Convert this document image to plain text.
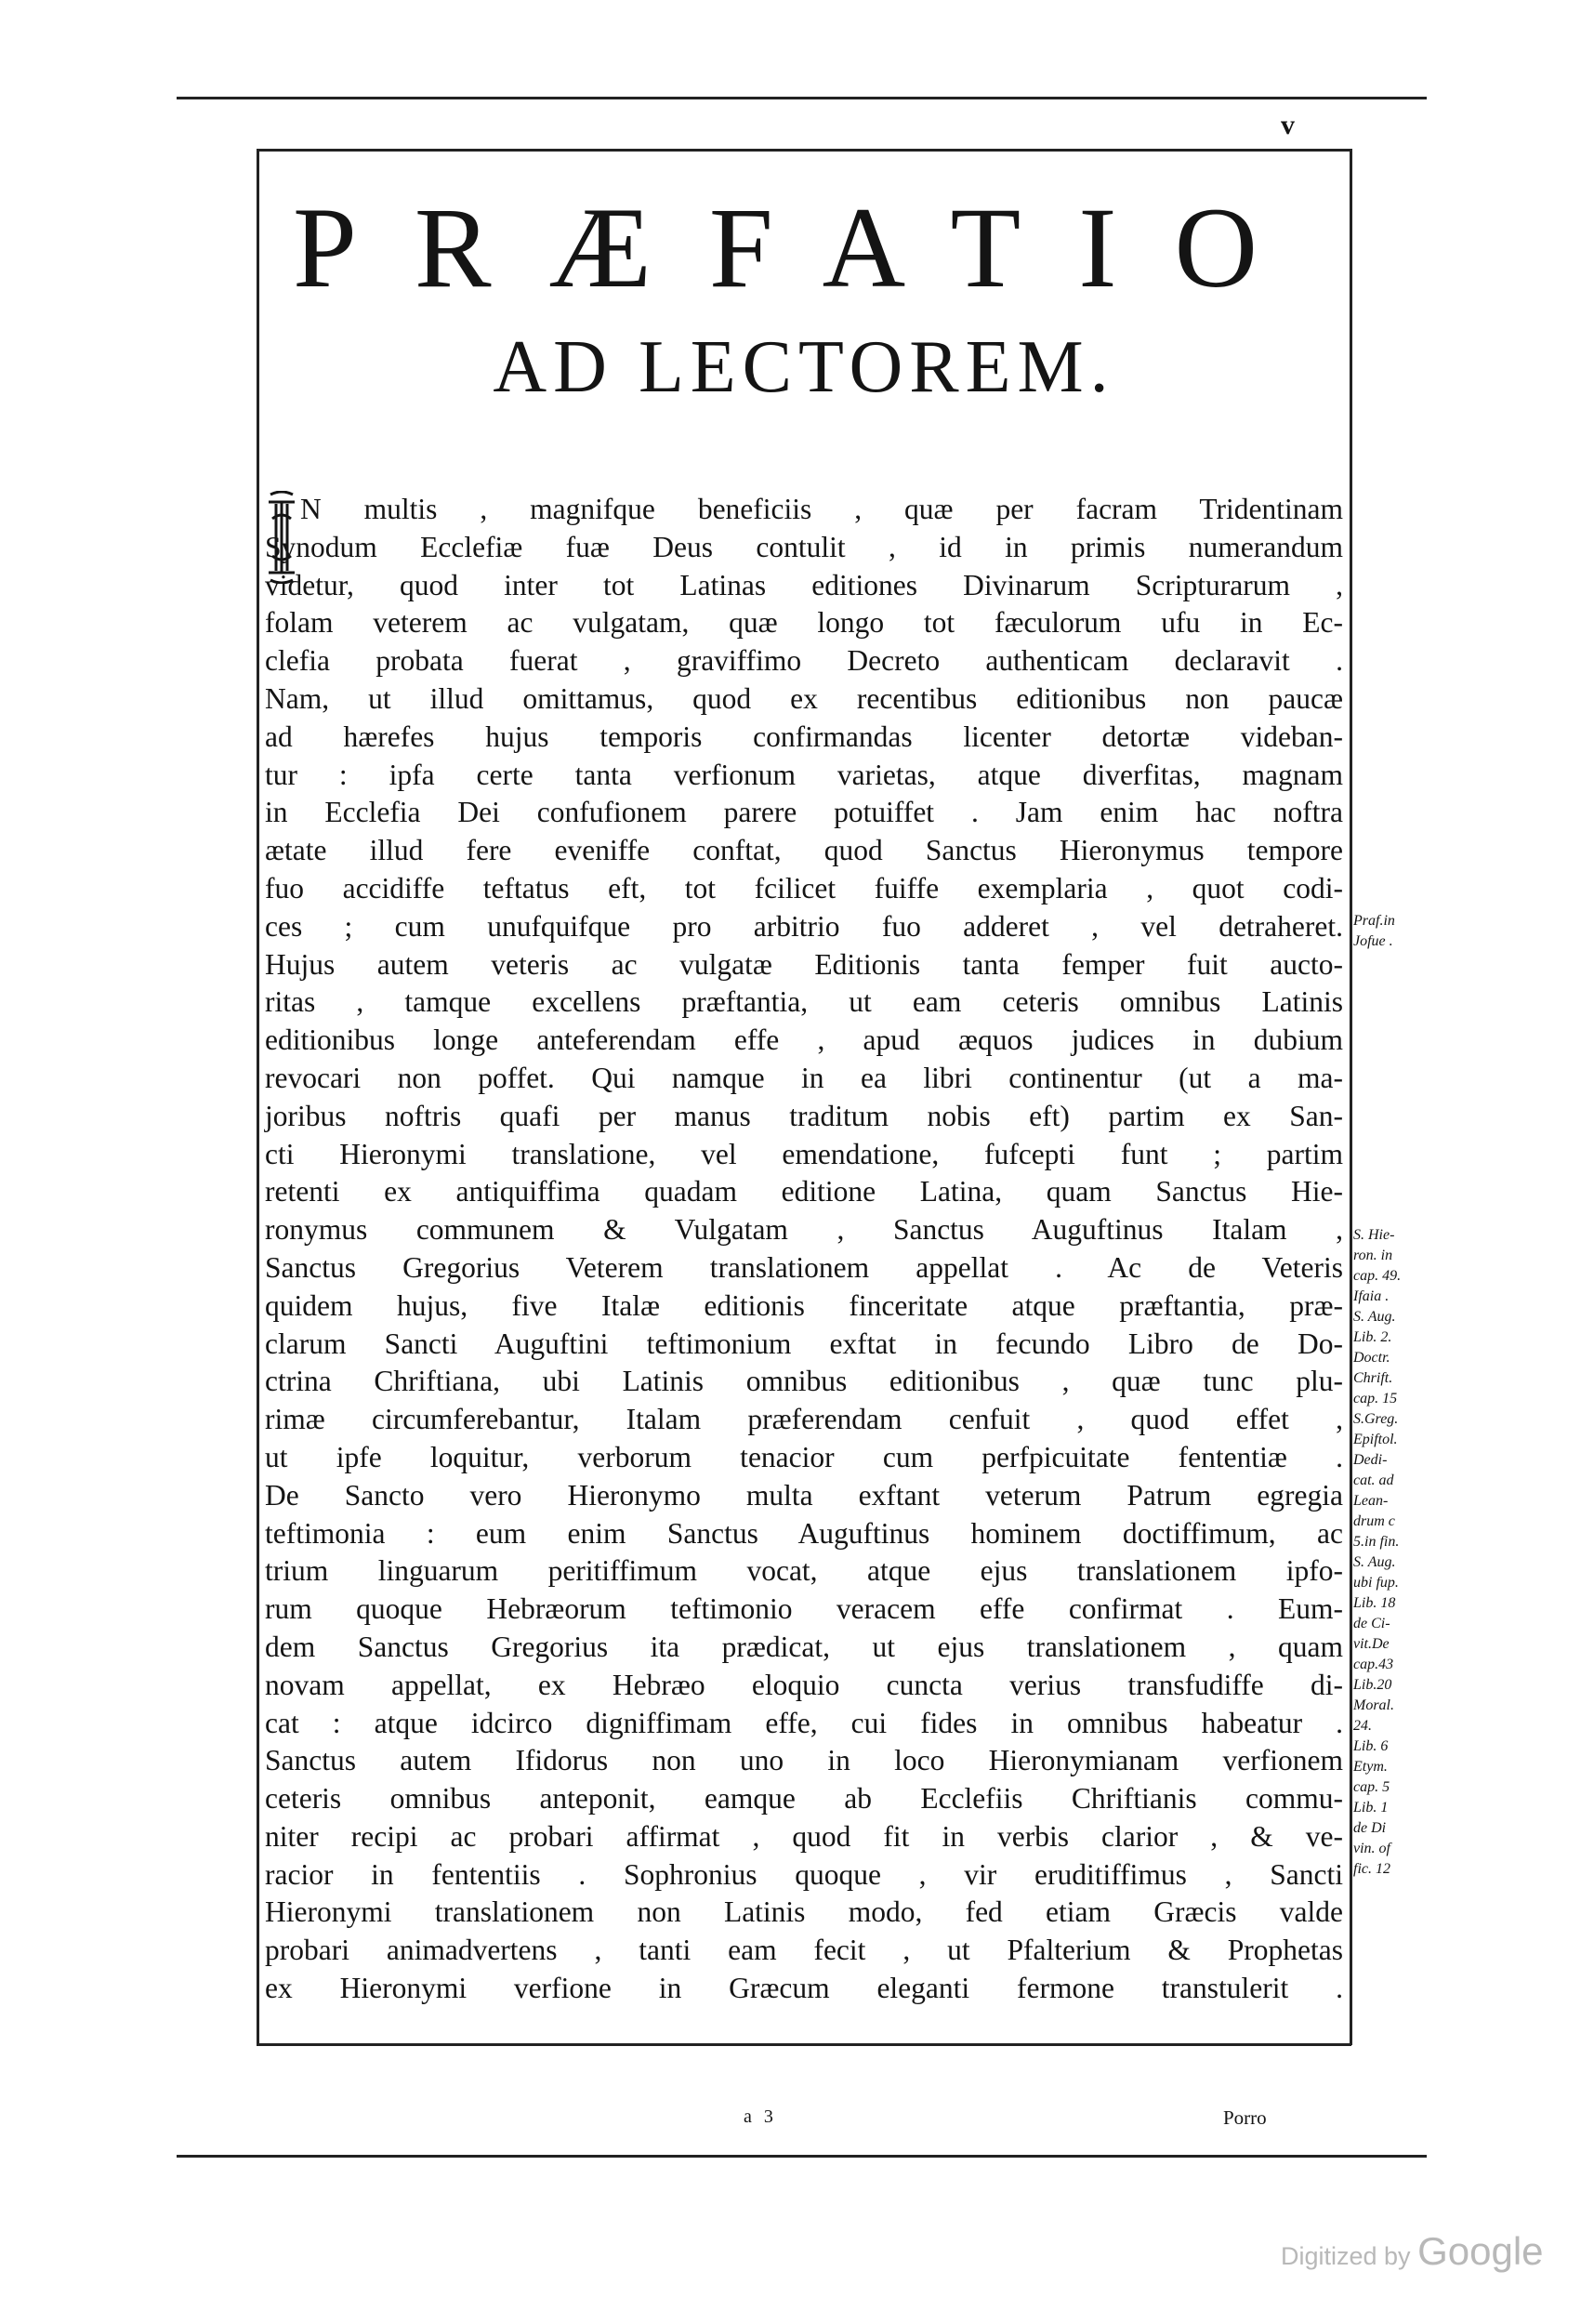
v
PRÆFATIO
AD LECTOREM.
N multis , magnifque beneficiis , quæ per facram Tridentinam
Synodum Ecclefiæ fuæ Deus contulit , id in primis numerandum
videtur, quod inter tot Latinas editiones Divinarum Scripturarum ,
folam veterem ac vulgatam, quæ longo tot fæculorum ufu in Ec-
clefia probata fuerat , graviffimo Decreto authenticam declaravit .
Nam, ut illud omittamus, quod ex recentibus editionibus non paucæ
ad hærefes hujus temporis confirmandas licenter detortæ videban-
tur : ipfa certe tanta verfionum varietas, atque diverfitas, magnam
in Ecclefia Dei confufionem parere potuiffet . Jam enim hac noftra
ætate illud fere eveniffe conftat, quod Sanctus Hieronymus tempore
fuo accidiffe teftatus eft, tot fcilicet fuiffe exemplaria , quot codi-
ces ; cum unufquifque pro arbitrio fuo adderet , vel detraheret.
Hujus autem veteris ac vulgatæ Editionis tanta femper fuit aucto-
ritas , tamque excellens præftantia, ut eam ceteris omnibus Latinis
editionibus longe anteferendam effe , apud æquos judices in dubium
revocari non poffet. Qui namque in ea libri continentur (ut a ma-
joribus noftris quafi per manus traditum nobis eft) partim ex San-
cti Hieronymi translatione, vel emendatione, fufcepti funt ; partim
retenti ex antiquiffima quadam editione Latina, quam Sanctus Hie-
ronymus communem & Vulgatam , Sanctus Auguftinus Italam ,
Sanctus Gregorius Veterem translationem appellat . Ac de Veteris
quidem hujus, five Italæ editionis finceritate atque præftantia, præ-
clarum Sancti Auguftini teftimonium exftat in fecundo Libro de Do-
ctrina Chriftiana, ubi Latinis omnibus editionibus , quæ tunc plu-
rimæ circumferebantur, Italam præferendam cenfuit , quod effet ,
ut ipfe loquitur, verborum tenacior cum perfpicuitate fententiæ .
De Sancto vero Hieronymo multa exftant veterum Patrum egregia
teftimonia : eum enim Sanctus Auguftinus hominem doctiffimum, ac
trium linguarum peritiffimum vocat, atque ejus translationem ipfo-
rum quoque Hebræorum teftimonio veracem effe confirmat . Eum-
dem Sanctus Gregorius ita prædicat, ut ejus translationem , quam
novam appellat, ex Hebræo eloquio cuncta verius transfudiffe di-
cat : atque idcirco digniffimam effe, cui fides in omnibus habeatur .
Sanctus autem Ifidorus non uno in loco Hieronymianam verfionem
ceteris omnibus anteponit, eamque ab Ecclefiis Chriftianis commu-
niter recipi ac probari affirmat , quod fit in verbis clarior , & ve-
racior in fententiis . Sophronius quoque , vir eruditiffimus , Sancti
Hieronymi translationem non Latinis modo, fed etiam Græcis valde
probari animadvertens , tanti eam fecit , ut Pfalterium & Prophetas
ex Hieronymi verfione in Græcum eleganti fermone transtulerit .
Praf.in
Jofue .
S. Hie-
ron. in
cap. 49.
Ifaia .
S. Aug.
Lib. 2.
Doctr.
Chrift.
cap. 15
S.Greg.
Epiftol.
Dedi-
cat. ad
Lean-
drum c
5.in fin.
S. Aug.
ubi fup.
Lib. 18
de Ci-
vit.De
cap.43
Lib.20
Moral.
24.
Lib. 6
Etym.
cap. 5
Lib. 1
de Di
vin. of
fic. 12
a 3	Porro
Digitized by Google
